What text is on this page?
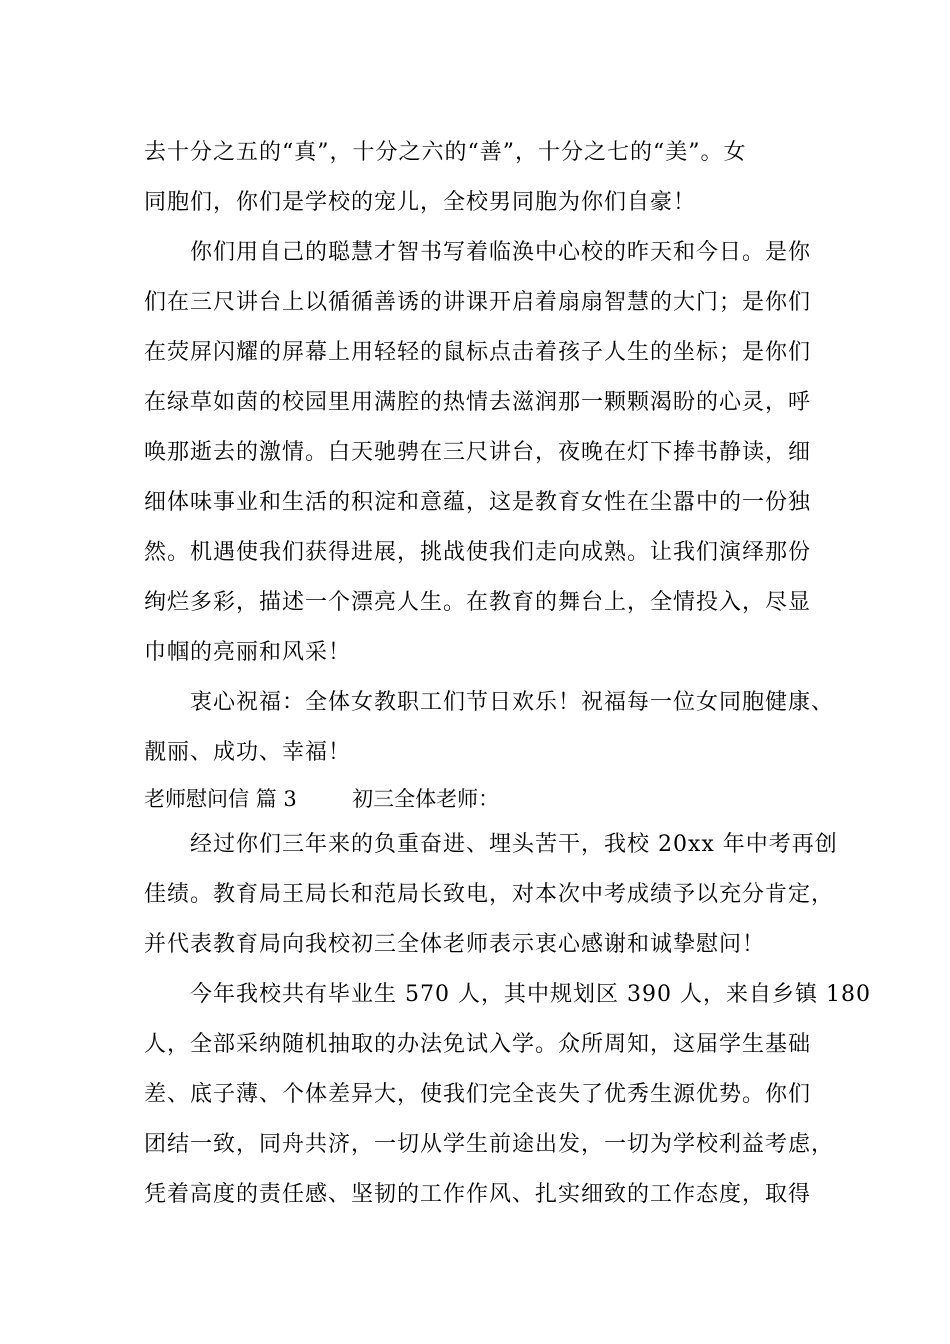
去十分之五的“真”，十分之六的“善”，十分之七的“美”。女
同胞们，你们是学校的宠儿，全校男同胞为你们自豪！
你们用自己的聪慧才智书写着临涣中心校的昨天和今日。是你
们在三尺讲台上以循循善诱的讲课开启着扇扇智慧的大门；是你们
在荧屏闪耀的屏幕上用轻轻的鼠标点击着孩子人生的坐标；是你们
在绿草如茵的校园里用满腔的热情去滋润那一颗颗渴盼的心灵，呼
唤那逝去的激情。白天驰骋在三尺讲台，夜晚在灯下捧书静读，细
细体味事业和生活的积淀和意蕴，这是教育女性在尘嚣中的一份独
然。机遇使我们获得进展，挑战使我们走向成熟。让我们演绎那份
绚烂多彩，描述一个漂亮人生。在教育的舞台上，全情投入，尽显
巾帼的亮丽和风采！
衷心祝福：全体女教职工们节日欢乐！祝福每一位女同胞健康、
靓丽、成功、幸福！
老师慰问信 篇 3	初三全体老师：
经过你们三年来的负重奋进、埋头苦干，我校 20xx 年中考再创
佳绩。教育局王局长和范局长致电，对本次中考成绩予以充分肯定，
并代表教育局向我校初三全体老师表示衷心感谢和诚挚慰问！
今年我校共有毕业生 570 人，其中规划区 390 人，来自乡镇 180
人，全部采纳随机抽取的办法免试入学。众所周知，这届学生基础
差、底子薄、个体差异大，使我们完全丧失了优秀生源优势。你们
团结一致，同舟共济，一切从学生前途出发，一切为学校利益考虑，
凭着高度的责任感、坚韧的工作作风、扎实细致的工作态度，取得
